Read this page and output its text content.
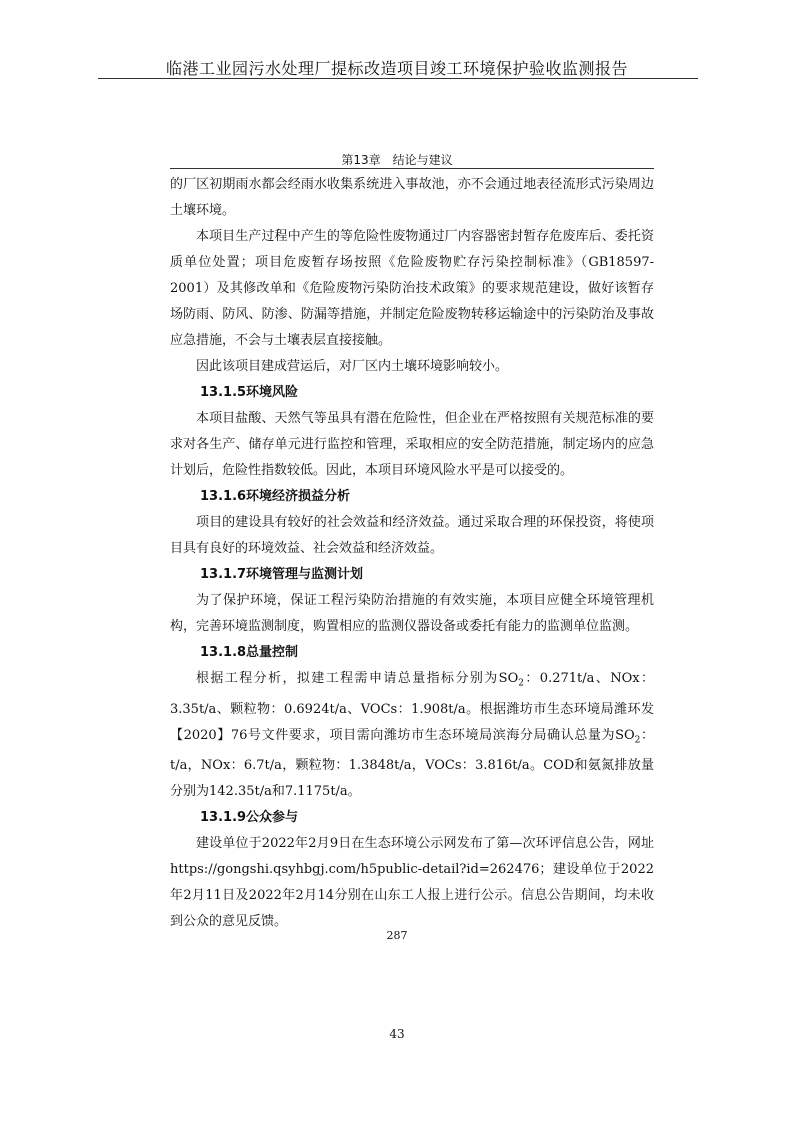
临港工业园污水处理厂提标改造项目竣工环境保护验收监测报告
第13章　结论与建议

的厂区初期雨水都会经雨水收集系统进入事故池，亦不会通过地表径流形式污染周边土壤环境。

本项目生产过程中产生的等危险性废物通过厂内容器密封暂存危废库后、委托资质单位处置；项目危废暂存场按照《危险废物贮存污染控制标准》（GB18597-2001）及其修改单和《危险废物污染防治技术政策》的要求规范建设，做好该暂存场防雨、防风、防渗、防漏等措施，并制定危险废物转移运输途中的污染防治及事故应急措施，不会与土壤表层直接接触。

因此该项目建成营运后，对厂区内土壤环境影响较小。

13.1.5环境风险

本项目盐酸、天然气等虽具有潜在危险性，但企业在严格按照有关规范标准的要求对各生产、储存单元进行监控和管理，采取相应的安全防范措施，制定场内的应急计划后，危险性指数较低。因此，本项目环境风险水平是可以接受的。

13.1.6环境经济损益分析

项目的建设具有较好的社会效益和经济效益。通过采取合理的环保投资，将使项目具有良好的环境效益、社会效益和经济效益。

13.1.7环境管理与监测计划

为了保护环境，保证工程污染防治措施的有效实施，本项目应健全环境管理机构，完善环境监测制度，购置相应的监测仪器设备或委托有能力的监测单位监测。

13.1.8总量控制

根据工程分析，拟建工程需申请总量指标分别为$SO_2$：0.271t/a、NOx：3.35t/a、颗粒物：0.6924t/a、VOCs：1.908t/a。根据潍坊市生态环境局潍环发【2020】76号文件要求，项目需向潍坊市生态环境局滨海分局确认总量为$SO_2$：t/a，NOx：6.7t/a，颗粒物：1.3848t/a，VOCs：3.816t/a。COD和氨氮排放量分别为142.35t/a和7.1175t/a。

13.1.9公众参与

建设单位于2022年2月9日在生态环境公示网发布了第—次环评信息公告，网址https://gongshi.qsyhbgj.com/h5public-detail?id=262476；建设单位于2022年2月11日及2022年2月14分别在山东工人报上进行公示。信息公告期间，均未收到公众的意见反馈。

287
43
